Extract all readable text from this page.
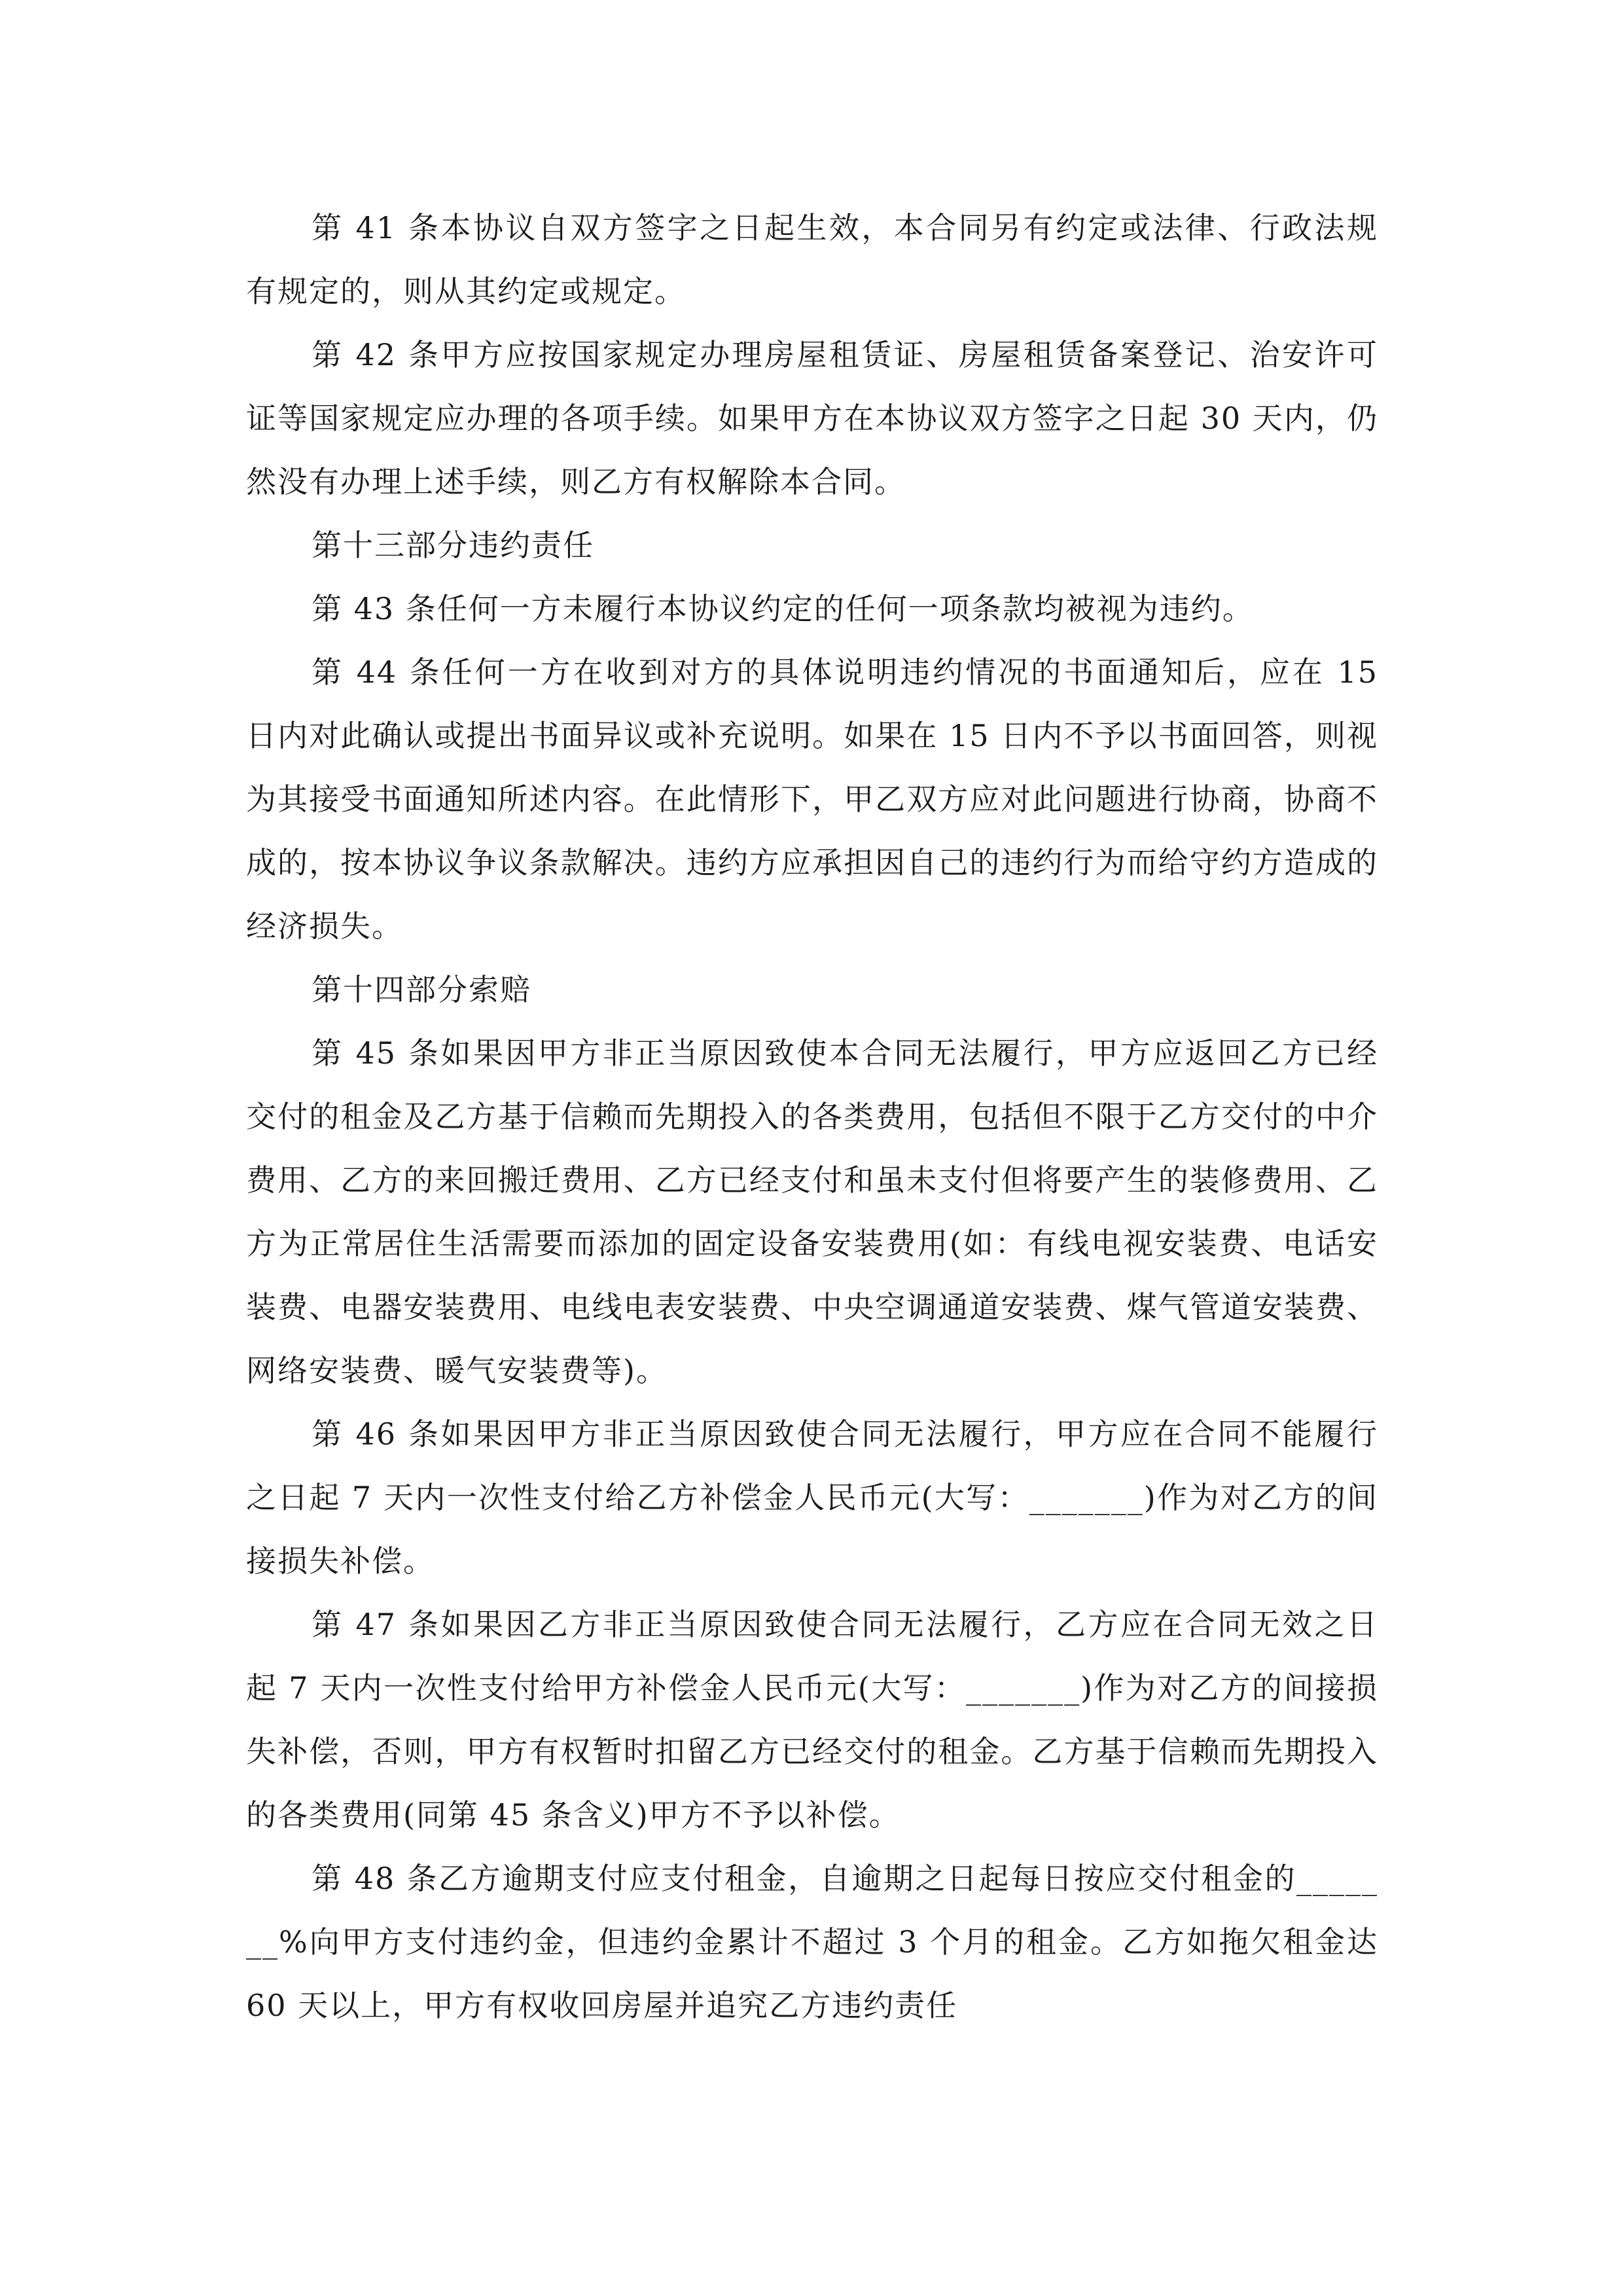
第 41 条本协议自双方签字之日起生效，本合同另有约定或法律、行政法规有规定的，则从其约定或规定。

第 42 条甲方应按国家规定办理房屋租赁证、房屋租赁备案登记、治安许可证等国家规定应办理的各项手续。如果甲方在本协议双方签字之日起 30 天内，仍然没有办理上述手续，则乙方有权解除本合同。

第十三部分违约责任

第 43 条任何一方未履行本协议约定的任何一项条款均被视为违约。

第 44 条任何一方在收到对方的具体说明违约情况的书面通知后，应在 15 日内对此确认或提出书面异议或补充说明。如果在 15 日内不予以书面回答，则视为其接受书面通知所述内容。在此情形下，甲乙双方应对此问题进行协商，协商不成的，按本协议争议条款解决。违约方应承担因自己的违约行为而给守约方造成的经济损失。

第十四部分索赔

第 45 条如果因甲方非正当原因致使本合同无法履行，甲方应返回乙方已经交付的租金及乙方基于信赖而先期投入的各类费用，包括但不限于乙方交付的中介费用、乙方的来回搬迁费用、乙方已经支付和虽未支付但将要产生的装修费用、乙方为正常居住生活需要而添加的固定设备安装费用(如：有线电视安装费、电话安装费、电器安装费用、电线电表安装费、中央空调通道安装费、煤气管道安装费、网络安装费、暖气安装费等)。

第 46 条如果因甲方非正当原因致使合同无法履行，甲方应在合同不能履行之日起 7 天内一次性支付给乙方补偿金人民币元(大写：_______)作为对乙方的间接损失补偿。

第 47 条如果因乙方非正当原因致使合同无法履行，乙方应在合同无效之日起 7 天内一次性支付给甲方补偿金人民币元(大写：_______)作为对乙方的间接损失补偿，否则，甲方有权暂时扣留乙方已经交付的租金。乙方基于信赖而先期投入的各类费用(同第 45 条含义)甲方不予以补偿。

第 48 条乙方逾期支付应支付租金，自逾期之日起每日按应交付租金的_______%向甲方支付违约金，但违约金累计不超过 3 个月的租金。乙方如拖欠租金达 60 天以上，甲方有权收回房屋并追究乙方违约责任
